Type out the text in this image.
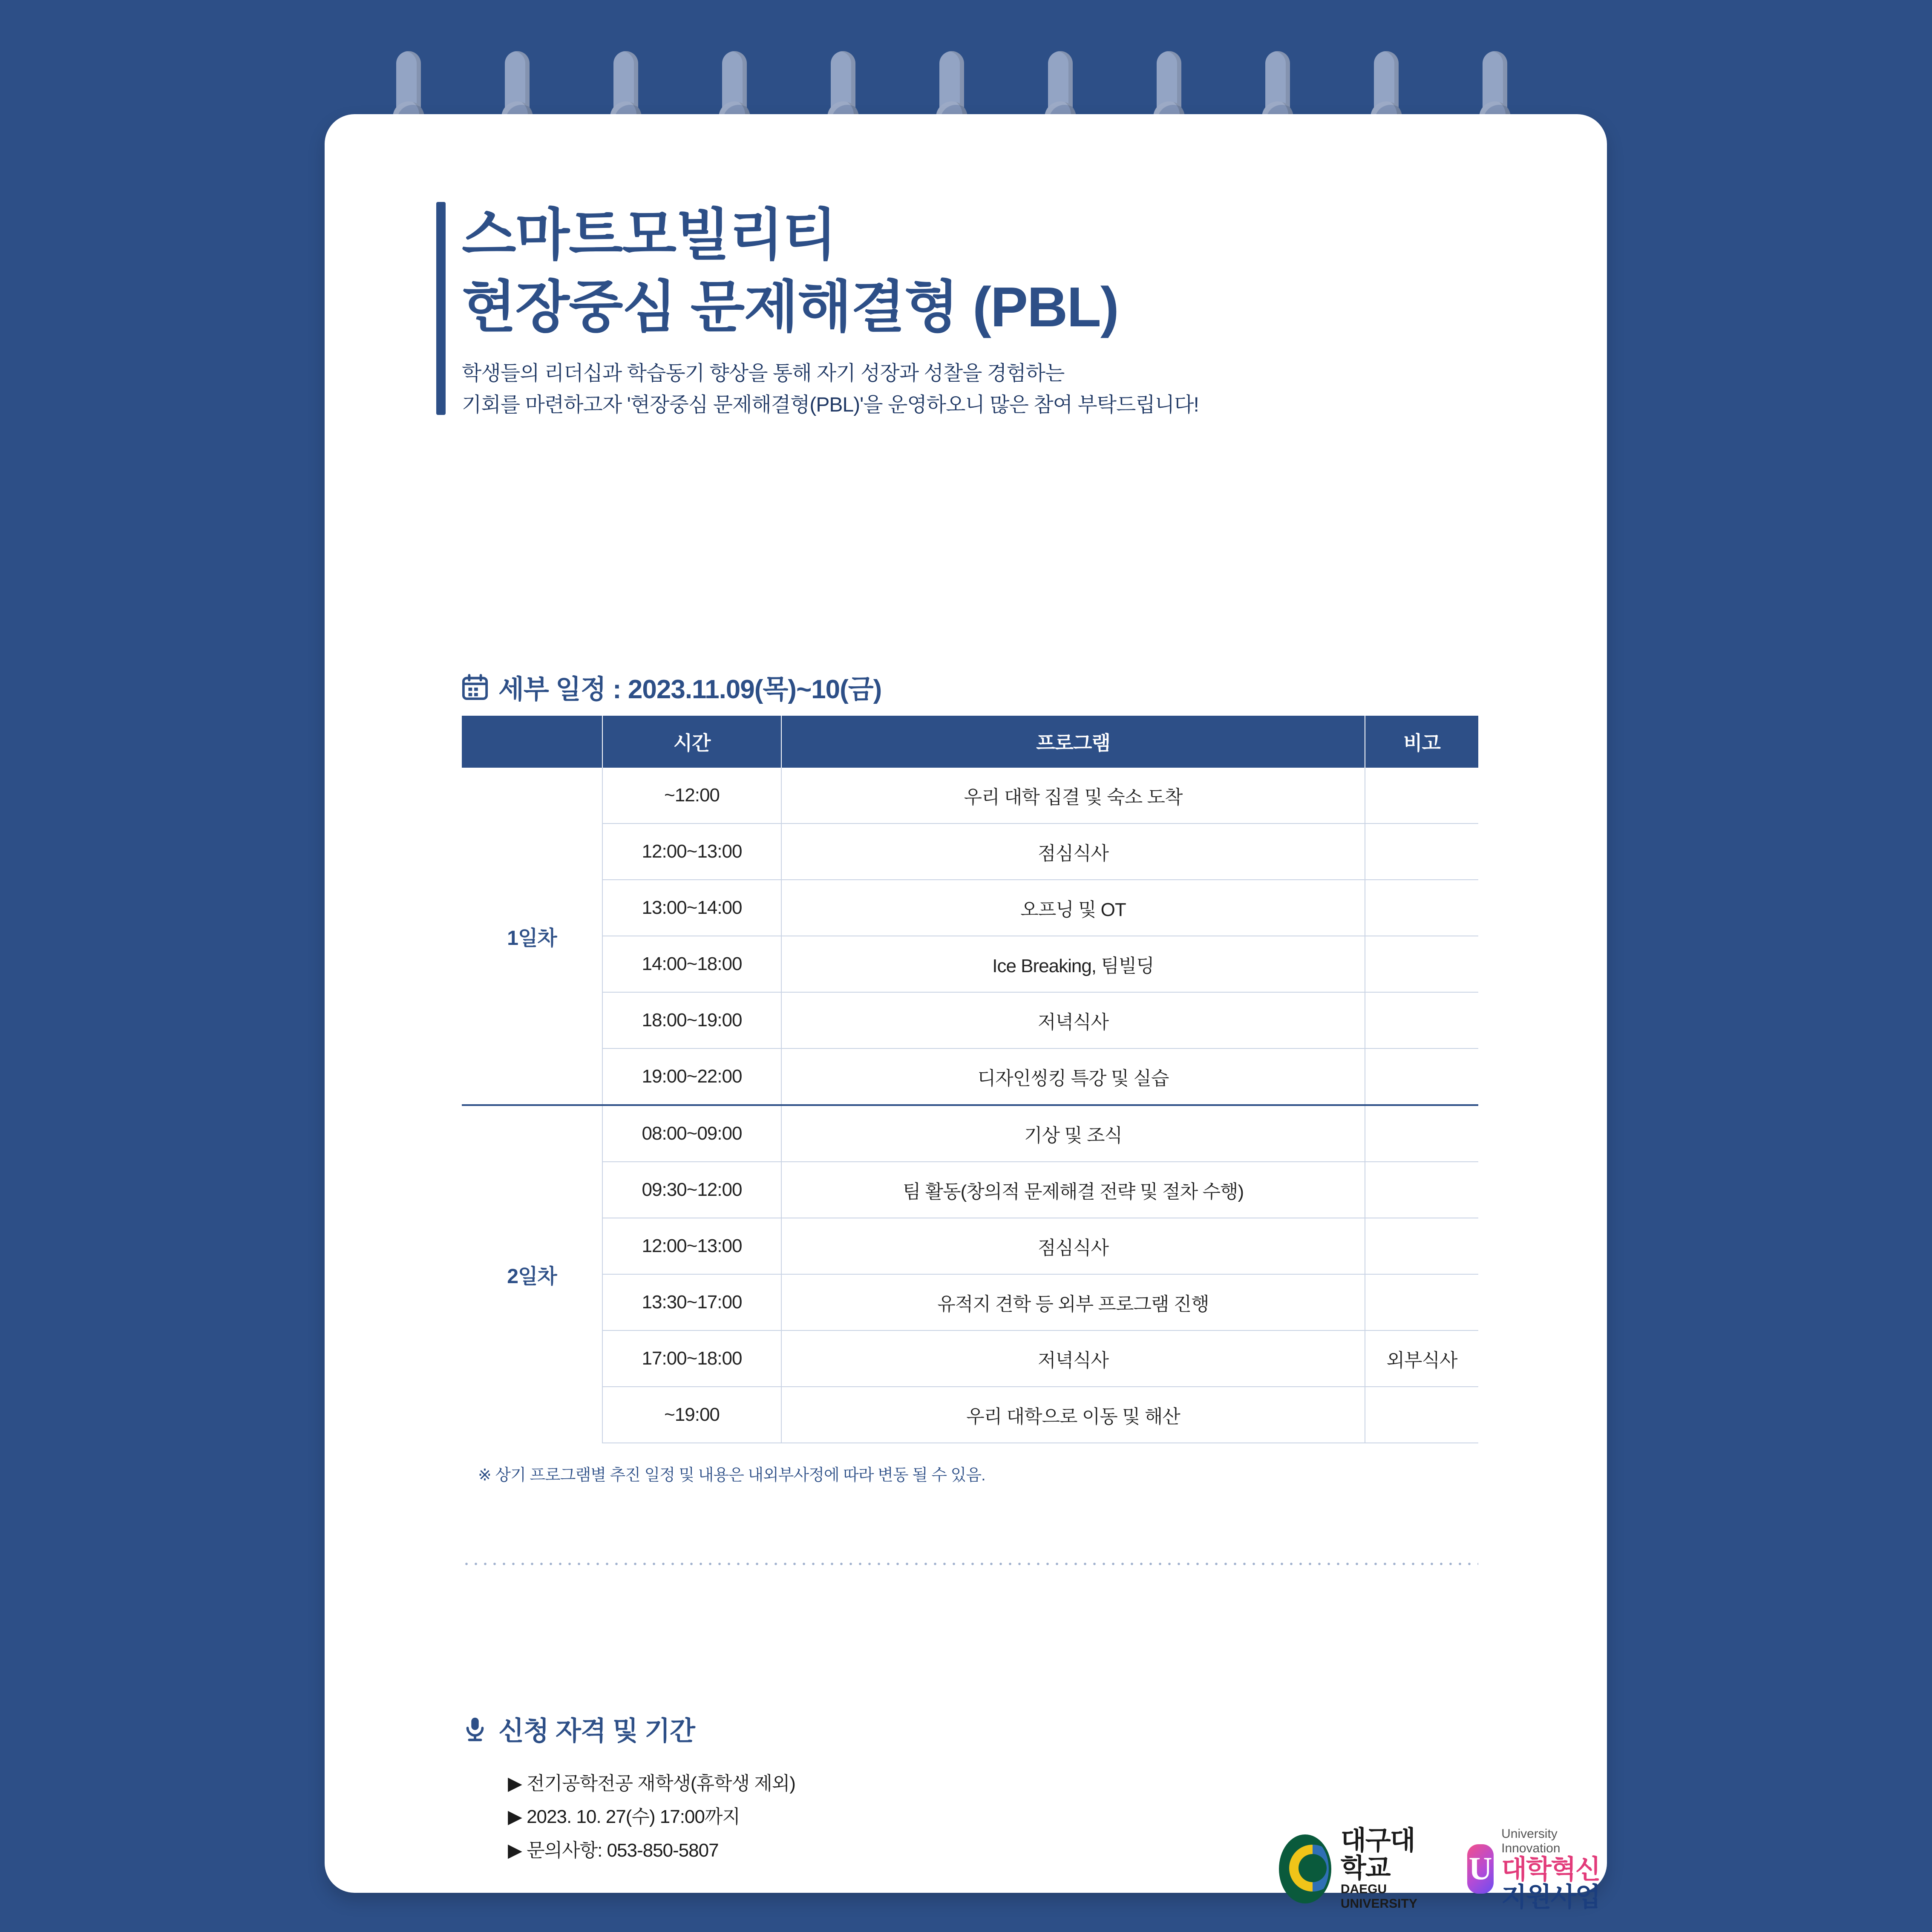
스마트모빌리티
현장중심 문제해결형 (PBL)
학생들의 리더십과 학습동기 향상을 통해 자기 성장과 성찰을 경험하는
기회를 마련하고자 '현장중심 문제해결형(PBL)'을 운영하오니 많은 참여 부탁드립니다!
세부 일정 : 2023.11.09(목)~10(금)
	시간	프로그램	비고
1일차	~12:00	우리 대학 집결 및 숙소 도착	
	12:00~13:00	점심식사	
	13:00~14:00	오프닝 및 OT	
	14:00~18:00	Ice Breaking, 팀빌딩	
	18:00~19:00	저녁식사	
	19:00~22:00	디자인씽킹 특강 및 실습	
2일차	08:00~09:00	기상 및 조식	
	09:30~12:00	팀 활동(창의적 문제해결 전략 및 절차 수행)	
	12:00~13:00	점심식사	
	13:30~17:00	유적지 견학 등 외부 프로그램 진행	
	17:00~18:00	저녁식사	외부식사
	~19:00	우리 대학으로 이동 및 해산	
※ 상기 프로그램별 추진 일정 및 내용은 내외부사정에 따라 변동 될 수 있음.
신청 자격 및 기간
▶ 전기공학전공 재학생(휴학생 제외)
▶ 2023. 10. 27(수) 17:00까지
▶ 문의사항: 053-850-5807	대구대학교
DAEGU UNIVERSITY
U
University Innovation
대학혁신지원사업
